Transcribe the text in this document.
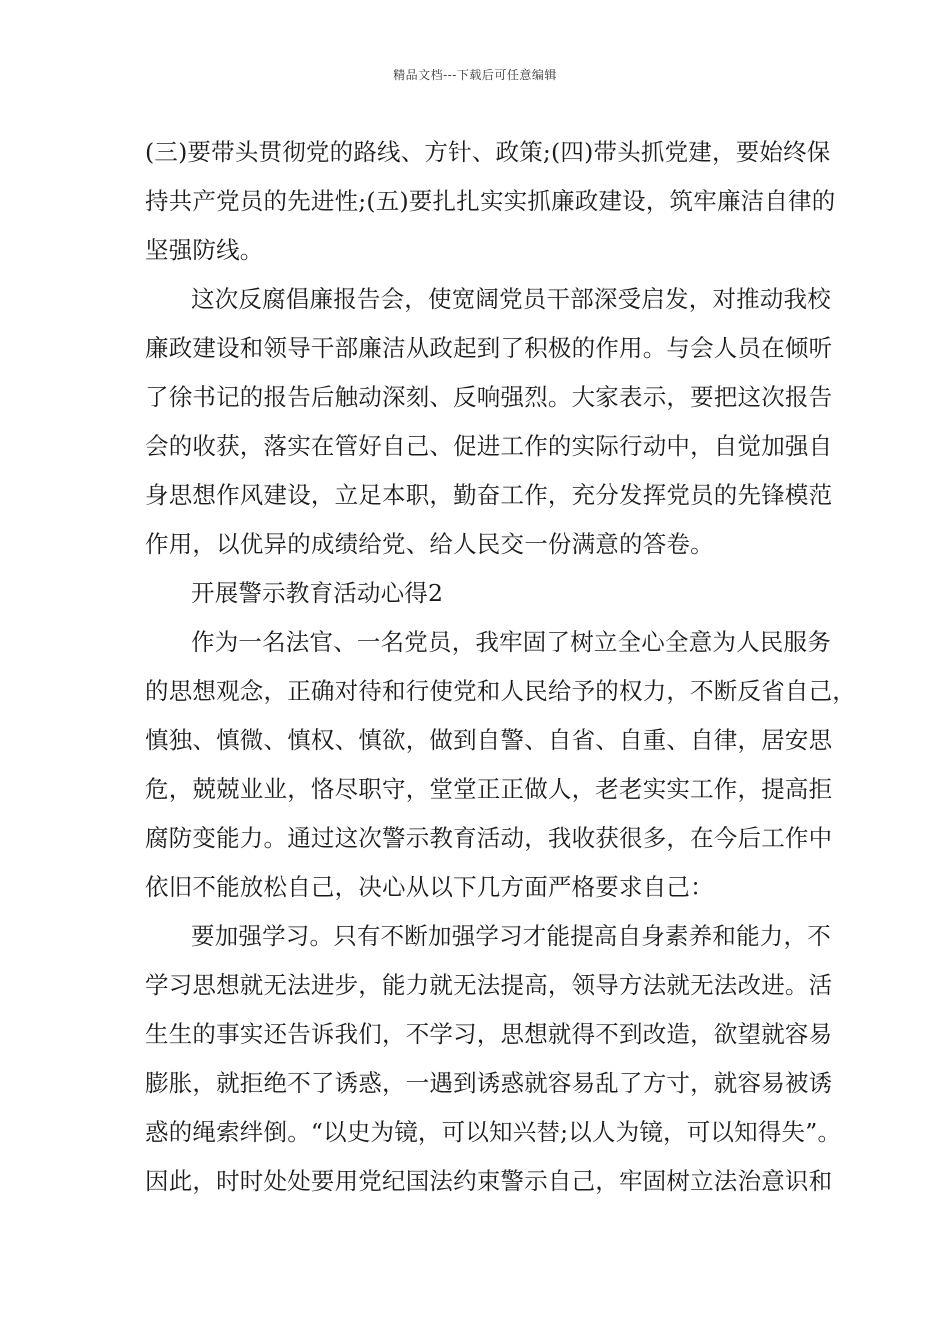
精品文档---下载后可任意编辑
(三)要带头贯彻党的路线、方针、政策;(四)带头抓党建，要始终保
持共产党员的先进性;(五)要扎扎实实抓廉政建设，筑牢廉洁自律的
坚强防线。
这次反腐倡廉报告会，使宽阔党员干部深受启发，对推动我校
廉政建设和领导干部廉洁从政起到了积极的作用。与会人员在倾听
了徐书记的报告后触动深刻、反响强烈。大家表示，要把这次报告
会的收获，落实在管好自己、促进工作的实际行动中，自觉加强自
身思想作风建设，立足本职，勤奋工作，充分发挥党员的先锋模范
作用，以优异的成绩给党、给人民交一份满意的答卷。
开展警示教育活动心得2
作为一名法官、一名党员，我牢固了树立全心全意为人民服务
的思想观念，正确对待和行使党和人民给予的权力，不断反省自己，
慎独、慎微、慎权、慎欲，做到自警、自省、自重、自律，居安思
危，兢兢业业，恪尽职守，堂堂正正做人，老老实实工作，提高拒
腐防变能力。通过这次警示教育活动，我收获很多，在今后工作中
依旧不能放松自己，决心从以下几方面严格要求自己：
要加强学习。只有不断加强学习才能提高自身素养和能力，不
学习思想就无法进步，能力就无法提高，领导方法就无法改进。活
生生的事实还告诉我们，不学习，思想就得不到改造，欲望就容易
膨胀，就拒绝不了诱惑，一遇到诱惑就容易乱了方寸，就容易被诱
惑的绳索绊倒。“以史为镜，可以知兴替;以人为镜，可以知得失”。
因此，时时处处要用党纪国法约束警示自己，牢固树立法治意识和
